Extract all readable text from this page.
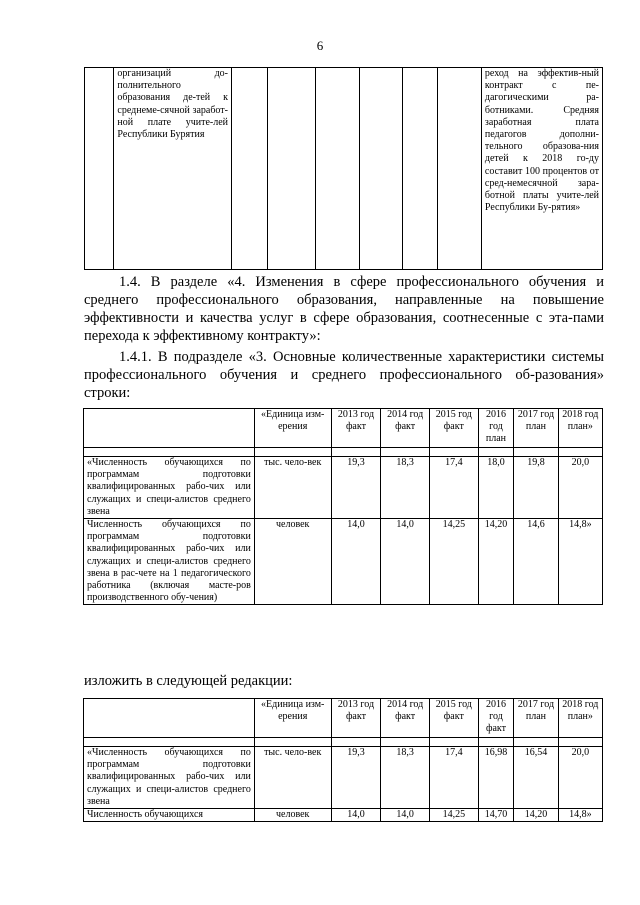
6
	организаций до-полнительного образования де-тей к среднеме-сячной заработ-ной плате учите-лей Республики Бурятия							реход на эффектив-ный контракт с пе-дагогическими ра-ботниками. Средняя заработная плата педагогов дополни-тельного образова-ния детей к 2018 го-ду составит 100 процентов от сред-немесячной зара-ботной платы учите-лей Республики Бу-рятия»
1.4. В разделе «4. Изменения в сфере профессионального обучения и среднего профессионального образования, направленные на повышение эффективности и качества услуг в сфере образования, соотнесенные с эта-пами перехода к эффективному контракту»:
1.4.1. В подразделе «3. Основные количественные характеристики системы профессионального обучения и среднего профессионального об-разования» строки:
	«Единица изм-ерения	2013 год факт	2014 год факт	2015 год факт	2016 год план	2017 год план	2018 год план»

«Численность обучающихся по программам подготовки квалифицированных рабо-чих или служащих и специ-алистов среднего звена	тыс. чело-век	19,3	18,3	17,4	18,0	19,8	20,0
Численность обучающихся по программам подготовки квалифицированных рабо-чих или служащих и специ-алистов среднего звена в рас-чете на 1 педагогического работника (включая масте-ров производственного обу-чения)	человек	14,0	14,0	14,25	14,20	14,6	14,8»
изложить в следующей редакции:
	«Единица изм-ерения	2013 год факт	2014 год факт	2015 год факт	2016 год факт	2017 год план	2018 год план»

«Численность обучающихся по программам подготовки квалифицированных рабо-чих или служащих и специ-алистов среднего звена	тыс. чело-век	19,3	18,3	17,4	16,98	16,54	20,0
Численность обучающихся	человек	14,0	14,0	14,25	14,70	14,20	14,8»
